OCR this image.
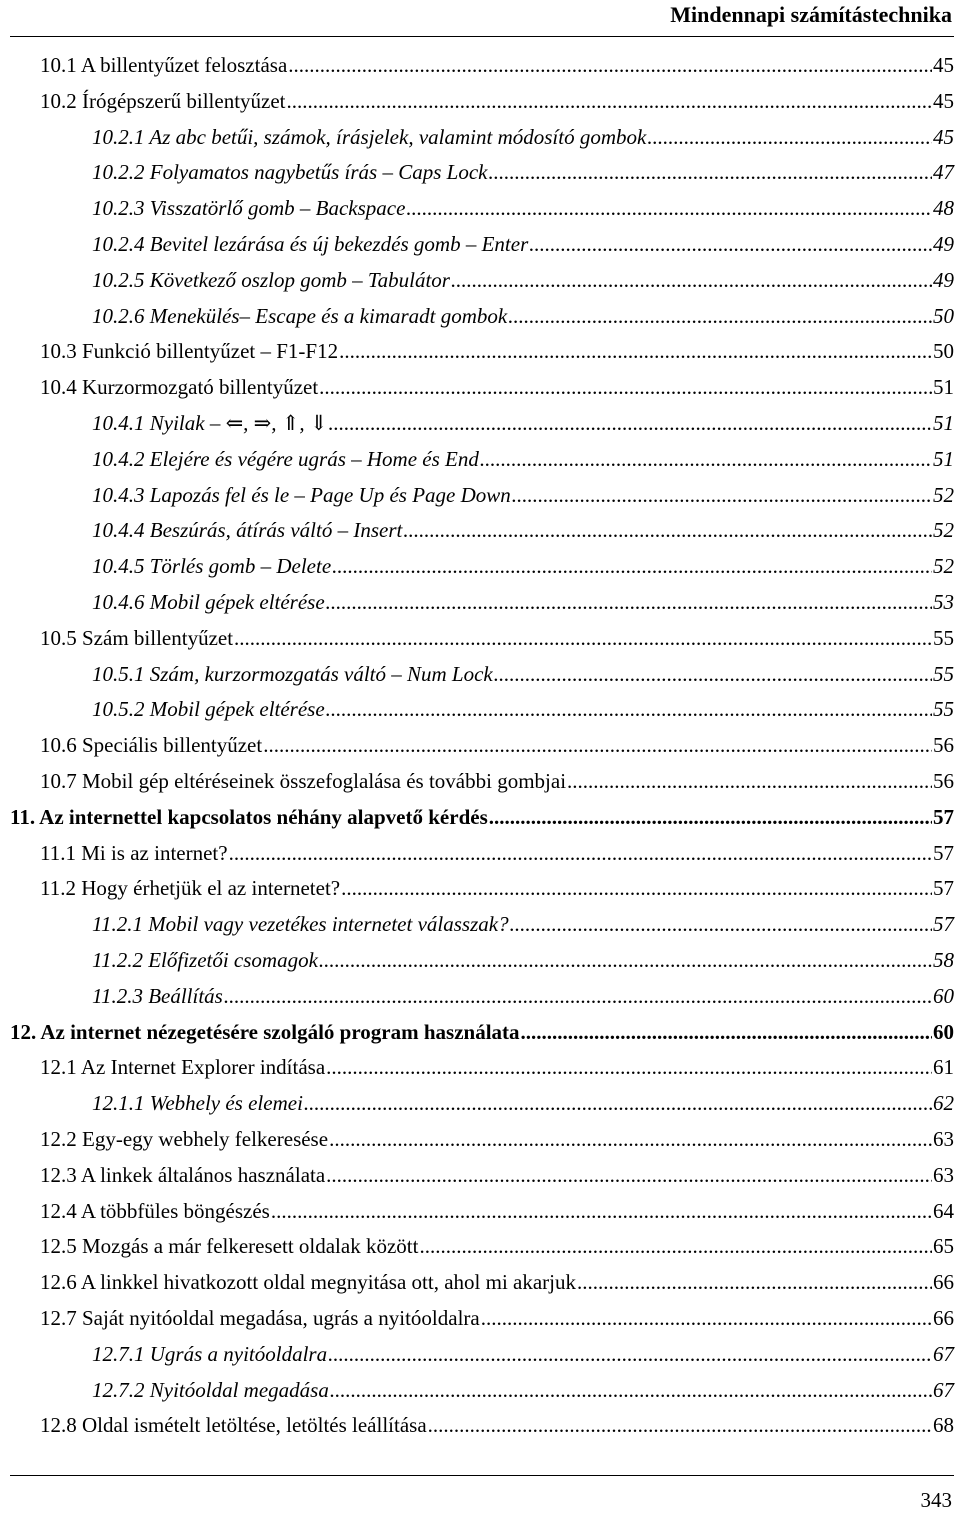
Mindennapi számítástechnika
10.1 A billentyűzet felosztása .....	45
10.2 Írógépszerű billentyűzet .....	45
10.2.1 Az abc betűi, számok, írásjelek, valamint módosító gombok .....	45
10.2.2 Folyamatos nagybetűs írás – Caps Lock .....	47
10.2.3 Visszatörlő gomb – Backspace .....	48
10.2.4 Bevitel lezárása és új bekezdés gomb – Enter .....	49
10.2.5 Következő oszlop gomb – Tabulátor .....	49
10.2.6 Menekülés– Escape és a kimaradt gombok .....	50
10.3 Funkció billentyűzet – F1-F12 .....	50
10.4 Kurzormozgató billentyűzet .....	51
10.4.1 Nyilak – ⇐, ⇒, ⇑, ⇓ .....	51
10.4.2 Elejére és végére ugrás – Home és End .....	51
10.4.3 Lapozás fel és le – Page Up és Page Down .....	52
10.4.4 Beszúrás, átírás váltó – Insert .....	52
10.4.5 Törlés gomb – Delete .....	52
10.4.6 Mobil gépek eltérése .....	53
10.5 Szám billentyűzet .....	55
10.5.1 Szám, kurzormozgatás váltó – Num Lock .....	55
10.5.2 Mobil gépek eltérése .....	55
10.6 Speciális billentyűzet .....	56
10.7 Mobil gép eltéréseinek összefoglalása és további gombjai .....	56
11. Az internettel kapcsolatos néhány alapvető kérdés .....	57
11.1 Mi is az internet? .....	57
11.2 Hogy érhetjük el az internetet? .....	57
11.2.1 Mobil vagy vezetékes internetet válasszak? .....	57
11.2.2 Előfizetői csomagok .....	58
11.2.3 Beállítás .....	60
12. Az internet nézegetésére szolgáló program használata .....	60
12.1 Az Internet Explorer indítása .....	61
12.1.1 Webhely és elemei .....	62
12.2 Egy-egy webhely felkeresése .....	63
12.3 A linkek általános használata .....	63
12.4 A többfüles böngészés .....	64
12.5 Mozgás a már felkeresett oldalak között .....	65
12.6 A linkkel hivatkozott oldal megnyitása ott, ahol mi akarjuk .....	66
12.7 Saját nyitóoldal megadása, ugrás a nyitóoldalra .....	66
12.7.1 Ugrás a nyitóoldalra .....	67
12.7.2 Nyitóoldal megadása .....	67
12.8 Oldal ismételt letöltése, letöltés leállítása .....	68
343
